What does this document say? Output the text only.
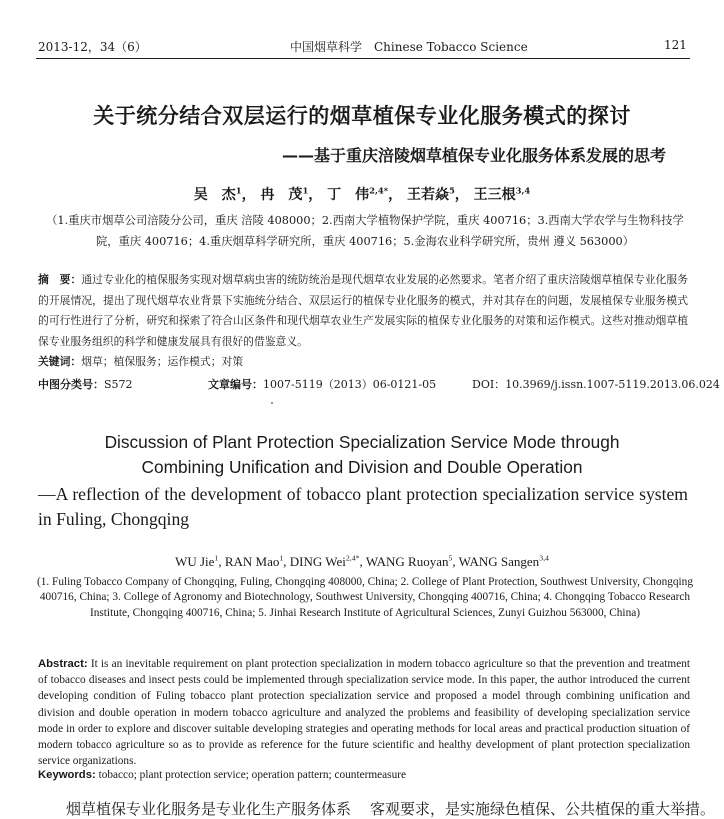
2013-12，34（6）	中国烟草科学　Chinese Tobacco Science	121
关于统分结合双层运行的烟草植保专业化服务模式的探讨
——基于重庆涪陵烟草植保专业化服务体系发展的思考
吴　杰$^1$， 冉　茂$^1$， 丁　伟$^{2,4*}$， 王若焱$^5$， 王三根$^{3,4}$
（1.重庆市烟草公司涪陵分公司，重庆 涪陵 408000；2.西南大学植物保护学院，重庆 400716；3.西南大学农学与生物科技学院，重庆 400716；4.重庆烟草科学研究所，重庆 400716；5.金海农业科学研究所，贵州 遵义 563000）
摘　要：通过专业化的植保服务实现对烟草病虫害的统防统治是现代烟草农业发展的必然要求。笔者介绍了重庆涪陵烟草植保专业化服务的开展情况，提出了现代烟草农业背景下实施统分结合、双层运行的植保专业化服务的模式，并对其存在的问题，发展植保专业服务模式的可行性进行了分析，研究和探索了符合山区条件和现代烟草农业生产发展实际的植保专业化服务的对策和运作模式。这些对推动烟草植保专业服务组织的科学和健康发展具有很好的借鉴意义。
关键词：烟草；植保服务；运作模式；对策
中图分类号：S572	文章编号：1007-5119（2013）06-0121-05	DOI：10.3969/j.issn.1007-5119.2013.06.024
Discussion of Plant Protection Specialization Service Mode through
Combining Unification and Division and Double Operation
—A reflection of the development of tobacco plant protection specialization service system in Fuling, Chongqing
WU Jie$^1$, RAN Mao$^1$, DING Wei$^{2,4*}$, WANG Ruoyan$^5$, WANG Sangen$^{3,4}$
(1. Fuling Tobacco Company of Chongqing, Fuling, Chongqing 408000, China; 2. College of Plant Protection, Southwest University, Chongqing 400716, China; 3. College of Agronomy and Biotechnology, Southwest University, Chongqing 400716, China; 4. Chongqing Tobacco Research Institute, Chongqing 400716, China; 5. Jinhai Research Institute of Agricultural Sciences, Zunyi Guizhou 563000, China)
Abstract: It is an inevitable requirement on plant protection specialization in modern tobacco agriculture so that the prevention and treatment of tobacco diseases and insect pests could be implemented through specialization service mode. In this paper, the author introduced the current developing condition of Fuling tobacco plant protection specialization service and proposed a model through combining unification and division and double operation in modern tobacco agriculture and analyzed the problems and feasibility of developing specialization service mode in order to explore and discover suitable developing strategies and operating methods for local areas and practical production situation of modern tobacco agriculture so as to provide as reference for the future scientific and healthy development of plant protection specialization service organizations.
Keywords: tobacco; plant protection service; operation pattern; countermeasure
烟草植保专业化服务是专业化生产服务体系 客观要求，是实施绿色植保、公共植保的重大举措。
